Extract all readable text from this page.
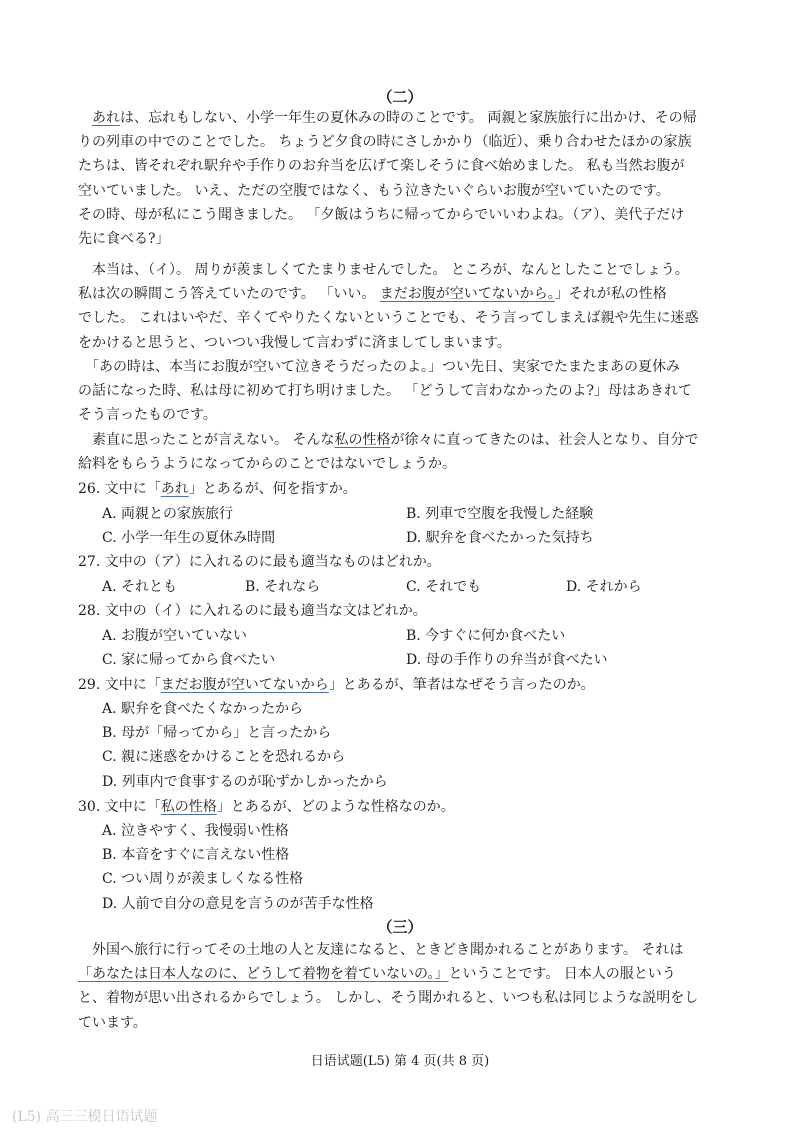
（二）
　あれは、忘れもしない、小学一年生の夏休みの時のことです。 両親と家族旅行に出かけ、その帰
りの列車の中でのことでした。 ちょうど夕食の時にさしかかり（临近）、乗り合わせたほかの家族
たちは、皆それぞれ駅弁や手作りのお弁当を広げて楽しそうに食べ始めました。 私も当然お腹が
空いていました。 いえ、ただの空腹ではなく、もう泣きたいぐらいお腹が空いていたのです。
その時、母が私にこう聞きました。 「夕飯はうちに帰ってからでいいわよね。（ア）、美代子だけ
先に食べる?」
　本当は、（イ）。 周りが羨ましくてたまりませんでした。 ところが、なんとしたことでしょう。
私は次の瞬間こう答えていたのです。 「いい。 まだお腹が空いてないから。」それが私の性格
でした。 これはいやだ、辛くてやりたくないということでも、そう言ってしまえば親や先生に迷惑
をかけると思うと、ついつい我慢して言わずに済ましてしまいます。
　「あの時は、本当にお腹が空いて泣きそうだったのよ。」つい先日、実家でたまたまあの夏休み
の話になった時、私は母に初めて打ち明けました。 「どうして言わなかったのよ?」母はあきれて
そう言ったものです。
　素直に思ったことが言えない。 そんな私の性格が徐々に直ってきたのは、社会人となり、自分で
給料をもらうようになってからのことではないでしょうか。
26. 文中に「あれ」とあるが、何を指すか。
A. 両親との家族旅行	B. 列車で空腹を我慢した経験
C. 小学一年生の夏休み時間	D. 駅弁を食べたかった気持ち
27. 文中の（ア）に入れるのに最も適当なものはどれか。
A. それとも	B. それなら	C. それでも	D. それから
28. 文中の（イ）に入れるのに最も適当な文はどれか。
A. お腹が空いていない	B. 今すぐに何か食べたい
C. 家に帰ってから食べたい	D. 母の手作りの弁当が食べたい
29. 文中に「まだお腹が空いてないから」とあるが、筆者はなぜそう言ったのか。
A. 駅弁を食べたくなかったから
B. 母が「帰ってから」と言ったから
C. 親に迷惑をかけることを恐れるから
D. 列車内で食事するのが恥ずかしかったから
30. 文中に「私の性格」とあるが、どのような性格なのか。
A. 泣きやすく、我慢弱い性格
B. 本音をすぐに言えない性格
C. つい周りが羨ましくなる性格
D. 人前で自分の意見を言うのが苦手な性格
（三）
　外国へ旅行に行ってその土地の人と友達になると、ときどき聞かれることがあります。 それは
「あなたは日本人なのに、どうして着物を着ていないの。」ということです。 日本人の服という
と、着物が思い出されるからでしょう。 しかし、そう聞かれると、いつも私は同じような説明をし
ています。
日语试题(L5) 第 4 页(共 8 页)
(L5) 高三三模日语试题
